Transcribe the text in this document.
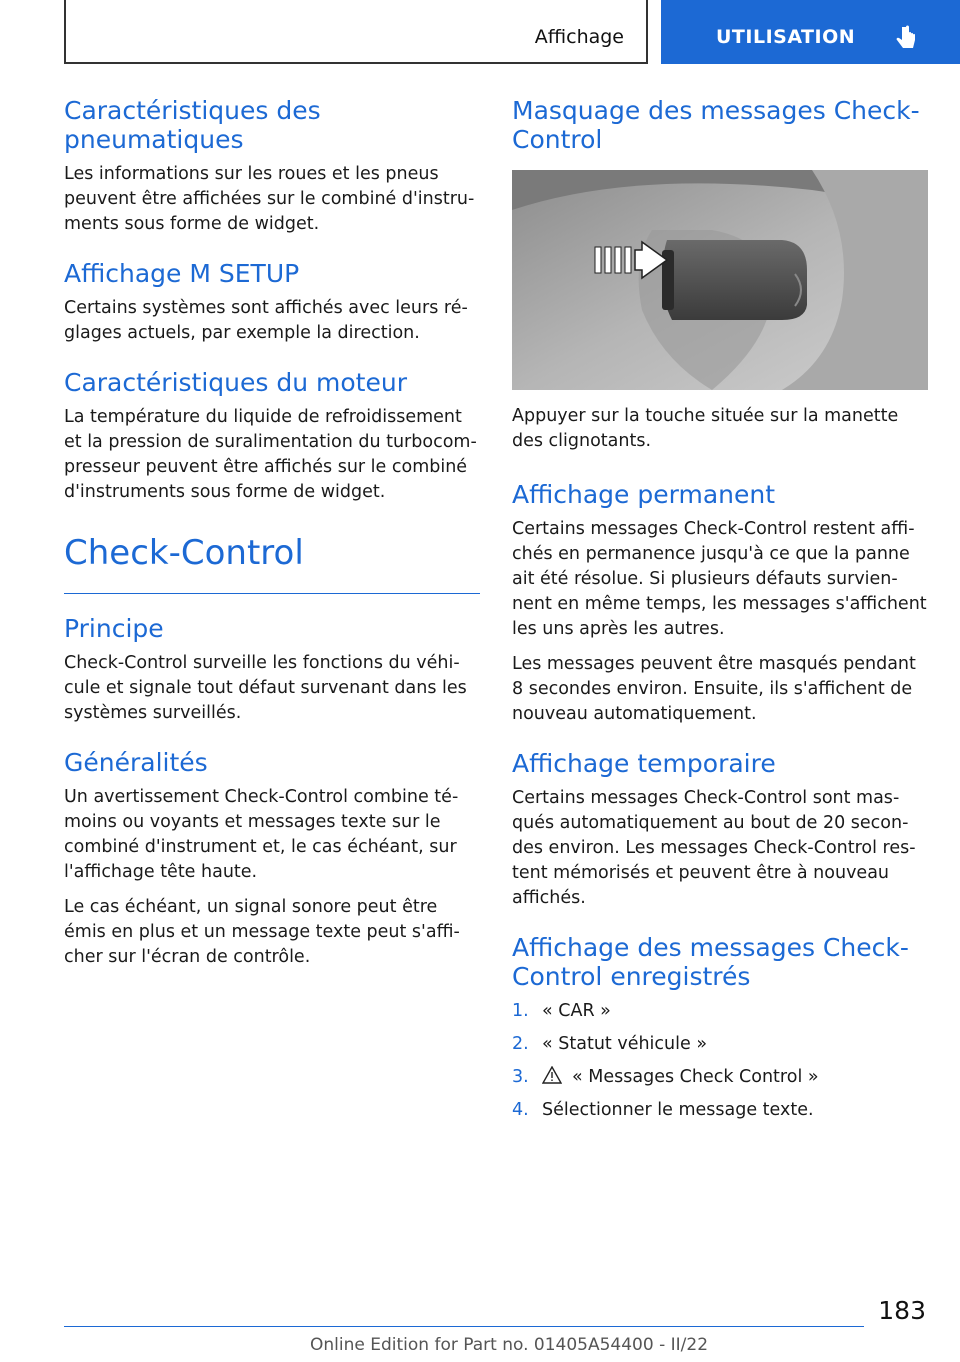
Affichage	UTILISATION
Caractéristiques des pneumatiques

Les informations sur les roues et les pneus peuvent être affichées sur le combiné d'instruments sous forme de widget.

Affichage M SETUP

Certains systèmes sont affichés avec leurs réglages actuels, par exemple la direction.

Caractéristiques du moteur

La température du liquide de refroidissement et la pression de suralimentation du turbocompresseur peuvent être affichés sur le combiné d'instruments sous forme de widget.

Check-Control
Principe

Check-Control surveille les fonctions du véhicule et signale tout défaut survenant dans les systèmes surveillés.

Généralités

Un avertissement Check-Control combine témoins ou voyants et messages texte sur le combiné d'instrument et, le cas échéant, sur l'affichage tête haute.

Le cas échéant, un signal sonore peut être émis en plus et un message texte peut s'afficher sur l'écran de contrôle.

Masquage des messages Check-Control

Appuyer sur la touche située sur la manette des clignotants.

Affichage permanent

Certains messages Check-Control restent affichés en permanence jusqu'à ce que la panne ait été résolue. Si plusieurs défauts surviennent en même temps, les messages s'affichent les uns après les autres.

Les messages peuvent être masqués pendant 8 secondes environ. Ensuite, ils s'affichent de nouveau automatiquement.

Affichage temporaire

Certains messages Check-Control sont masqués automatiquement au bout de 20 secondes environ. Les messages Check-Control restent mémorisés et peuvent être à nouveau affichés.

Affichage des messages Check-Control enregistrés
1. « CAR »
2. « Statut véhicule »
3.	« Messages Check Control »
4. Sélectionner le message texte.
183
Online Edition for Part no. 01405A54400 - II/22
